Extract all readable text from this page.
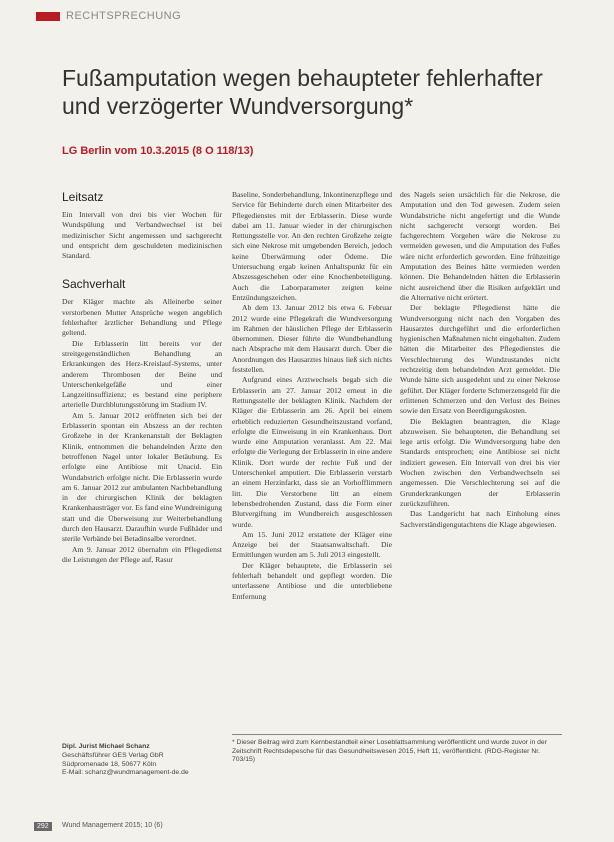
RECHTSPRECHUNG
Fußamputation wegen behaupteter fehlerhafter und verzögerter Wundversorgung*
LG Berlin vom 10.3.2015 (8 O 118/13)
Leitsatz

Ein Intervall von drei bis vier Wochen für Wundspülung und Verbandwechsel ist bei medizinischer Sicht angemessen und sachgerecht und entspricht dem geschuldeten medizinischen Standard.

Sachverhalt

Der Kläger machte als Alleinerbe seiner verstorbenen Mutter Ansprüche wegen angeblich fehlerhafter ärztlicher Behandlung und Pflege geltend.

Die Erblasserin litt bereits vor der streitgegenständlichen Behandlung an Erkrankungen des Herz-Kreislauf-Systems, unter anderem Thrombosen der Beine und Unterschenkelgefäße und einer Langzeitinsuffizienz; es bestand eine periphere arterielle Durchblutungsstörung im Stadium IV.

Am 5. Januar 2012 eröffneten sich bei der Erblasserin spontan ein Abszess an der rechten Großzehe in der Krankenanstalt der Beklagten Klinik, entnommen die behandelnden Ärzte den betroffenen Nagel unter lokaler Betäubung. Es erfolgte eine Antibiose mit Unacid. Ein Wundabstrich erfolgte nicht. Die Erblasserin wurde am 6. Januar 2012 zur ambulanten Nachbehandlung in der chirurgischen Klinik der beklagten Krankenhausträger vor. Es fand eine Wundreinigung statt und die Überweisung zur Weiterbehandlung durch den Hausarzt. Daraufhin wurde Fußbäder und sterile Verbände bei Betadinsalbe verordnet.

Am 9. Januar 2012 übernahm ein Pflegedienst die Leistungen der Pflege auf, Rasur

Baseline, Sonderbehandlung, Inkontinenzpflege und Service für Behinderte durch einen Mitarbeiter des Pflegedienstes mit der Erblasserin. Diese wurde dabei am 11. Januar wieder in der chirurgischen Rettungsstelle vor. An den rechten Großzehe zeigte sich eine Nekrose mit umgebenden Bereich, jedoch keine Überwärmung oder Ödeme. Die Untersuchung ergab keinen Anhaltspunkt für ein Abszessgeschehen oder eine Knochenbeteiligung. Auch die Laborparameter zeigten keine Entzündungszeichen.

Ab dem 13. Januar 2012 bis etwa 6. Februar 2012 wurde eine Pflegekraft die Wundversorgung im Rahmen der häuslichen Pflege der Erblasserin übernommen. Dieser führte die Wundbehandlung nach Absprache mit dem Hausarzt durch. Über die Anordnungen des Hausarztes hinaus ließ sich nichts feststellen.

Aufgrund eines Arztwechsels begab sich die Erblasserin am 27. Januar 2012 erneut in die Rettungsstelle der beklagten Klinik. Nachdem der Kläger die Erblasserin am 26. April bei einem erheblich reduzierten Gesundheitszustand vorfand, erfolgte die Einweisung in ein Krankenhaus. Dort wurde eine Amputation veranlasst. Am 22. Mai erfolgte die Verlegung der Erblasserin in eine andere Klinik. Dort wurde der rechte Fuß und der Unterschenkel amputiert. Die Erblasserin verstarb an einem Herzinfarkt, dass sie an Vorhofflimmern litt. Die Verstorbene litt an einem lebensbedrohenden Zustand, dass die Form einer Blutvergiftung im Wundbereich ausgeschlossen wurde.

Am 15. Juni 2012 erstattete der Kläger eine Anzeige bei der Staatsanwaltschaft. Die Ermittlungen wurden am 5. Juli 2013 eingestellt.

Der Kläger behauptete, die Erblasserin sei fehlerhaft behandelt und gepflegt worden. Die unterlassene Antibiose und die unterbliebene Entfernung

des Nagels seien ursächlich für die Nekrose, die Amputation und den Tod gewesen. Zudem seien Wundabstriche nicht angefertigt und die Wunde nicht sachgerecht versorgt worden. Bei fachgerechtem Vorgehen wäre die Nekrose zu vermeiden gewesen, und die Amputation des Fußes wäre nicht erforderlich geworden. Eine frühzeitige Amputation des Beines hätte vermieden werden können. Die Behandelnden hätten die Erblasserin nicht ausreichend über die Risiken aufgeklärt und die Alternative nicht erörtert.

Der beklagte Pflegedienst hätte die Wundversorgung nicht nach den Vorgaben des Hausarztes durchgeführt und die erforderlichen hygienischen Maßnahmen nicht eingehalten. Zudem hätten die Mitarbeiter des Pflegedienstes die Verschlechterung des Wundzustandes nicht rechtzeitig dem behandelnden Arzt gemeldet. Die Wunde hätte sich ausgedehnt und zu einer Nekrose geführt. Der Kläger forderte Schmerzensgeld für die erlittenen Schmerzen und den Verlust des Beines sowie den Ersatz von Beerdigungskosten.

Die Beklagten beantragten, die Klage abzuweisen. Sie behaupteten, die Behandlung sei lege artis erfolgt. Die Wundversorgung habe den Standards entsprochen; eine Antibiose sei nicht indiziert gewesen. Ein Intervall von drei bis vier Wochen zwischen den Verbandwechseln sei angemessen. Die Verschlechterung sei auf die Grunderkrankungen der Erblasserin zurückzuführen.

Das Landgericht hat nach Einholung eines Sachverständigengutachtens die Klage abgewiesen.

Dipl. Jurist Michael Schanz
Geschäftsführer GES Verlag GbR
Südpromenade 18, 50677 Köln
E-Mail: schanz@wundmanagement-de.de
* Dieser Beitrag wird zum Kernbestandteil einer Loseblattsammlung veröffentlicht und wurde zuvor in der Zeitschrift Rechtsdepesche für das Gesundheitswesen 2015, Heft 11, veröffentlicht. (RDG-Register Nr. 703/15)
292	Wund Management 2015; 10 (6)
